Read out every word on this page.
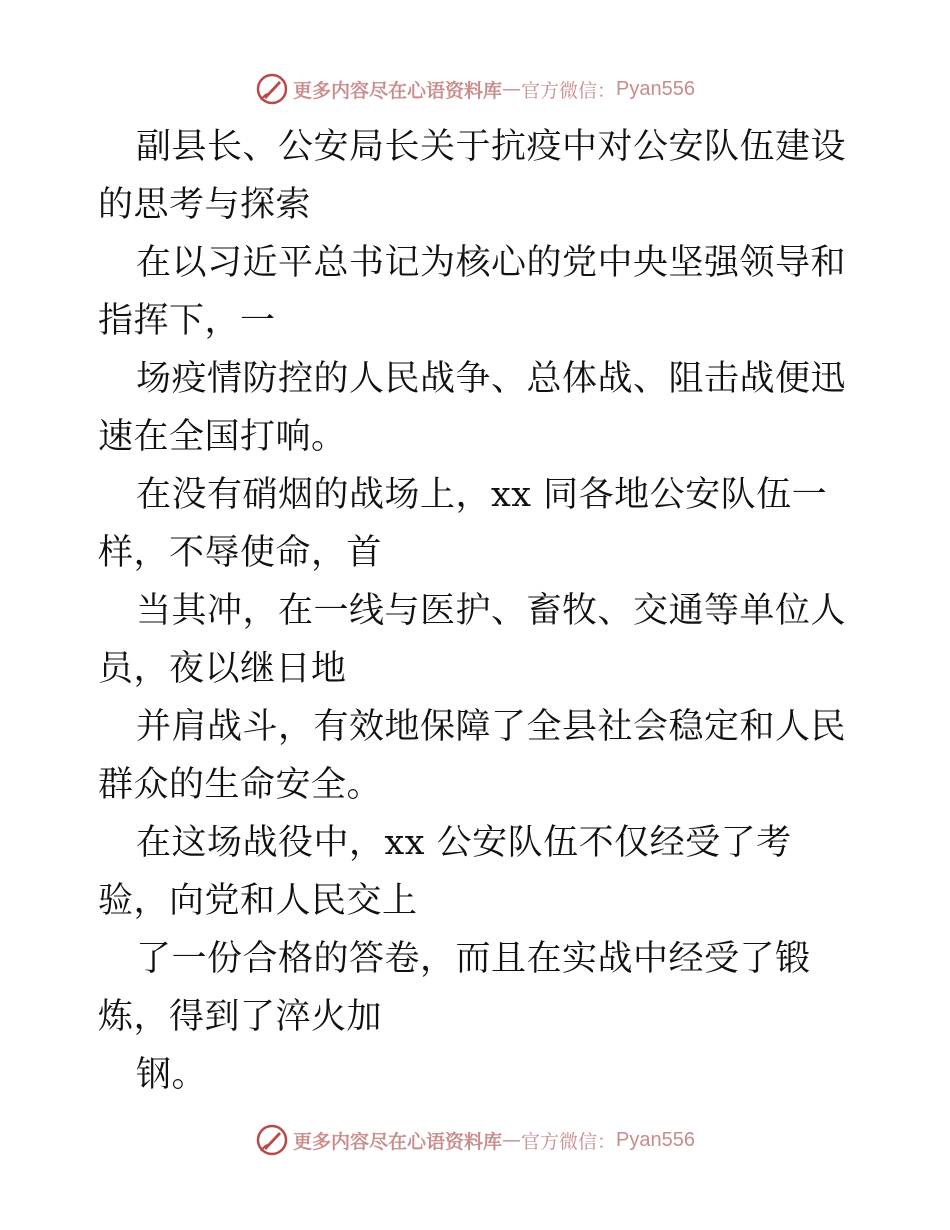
更多内容尽在心语资料库 — 官方微信： Pyan556

副县长、公安局长关于抗疫中对公安队伍建设的思考与探索

在以习近平总书记为核心的党中央坚强领导和指挥下，一

场疫情防控的人民战争、总体战、阻击战便迅速在全国打响。

在没有硝烟的战场上，xx 同各地公安队伍一样，不辱使命，首

当其冲，在一线与医护、畜牧、交通等单位人员，夜以继日地

并肩战斗，有效地保障了全县社会稳定和人民群众的生命安全。

在这场战役中，xx 公安队伍不仅经受了考验，向党和人民交上

了一份合格的答卷，而且在实战中经受了锻炼，得到了淬火加

钢。

更多内容尽在心语资料库 — 官方微信： Pyan556
